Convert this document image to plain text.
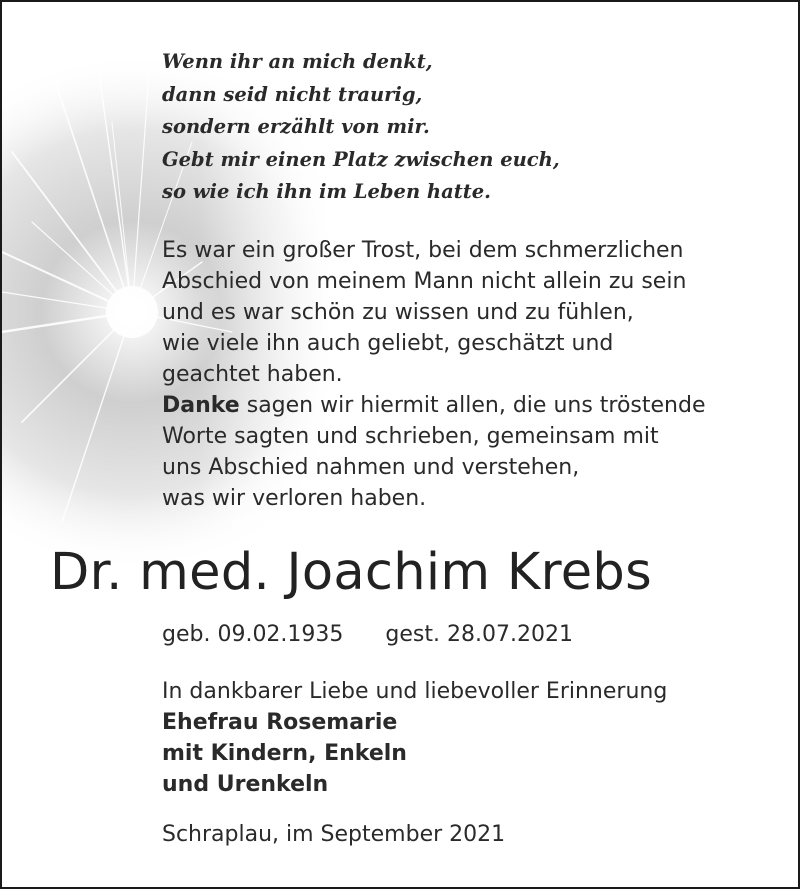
Wenn ihr an mich denkt,
dann seid nicht traurig,
sondern erzählt von mir.
Gebt mir einen Platz zwischen euch,
so wie ich ihn im Leben hatte.
Es war ein großer Trost, bei dem schmerzlichen
Abschied von meinem Mann nicht allein zu sein
und es war schön zu wissen und zu fühlen,
wie viele ihn auch geliebt, geschätzt und
geachtet haben.
Danke sagen wir hiermit allen, die uns tröstende
Worte sagten und schrieben, gemeinsam mit
uns Abschied nahmen und verstehen,
was wir verloren haben.
Dr. med. Joachim Krebs
geb. 09.02.1935 gest. 28.07.2021
In dankbarer Liebe und liebevoller Erinnerung
Ehefrau Rosemarie
mit Kindern, Enkeln
und Urenkeln
Schraplau, im September 2021
